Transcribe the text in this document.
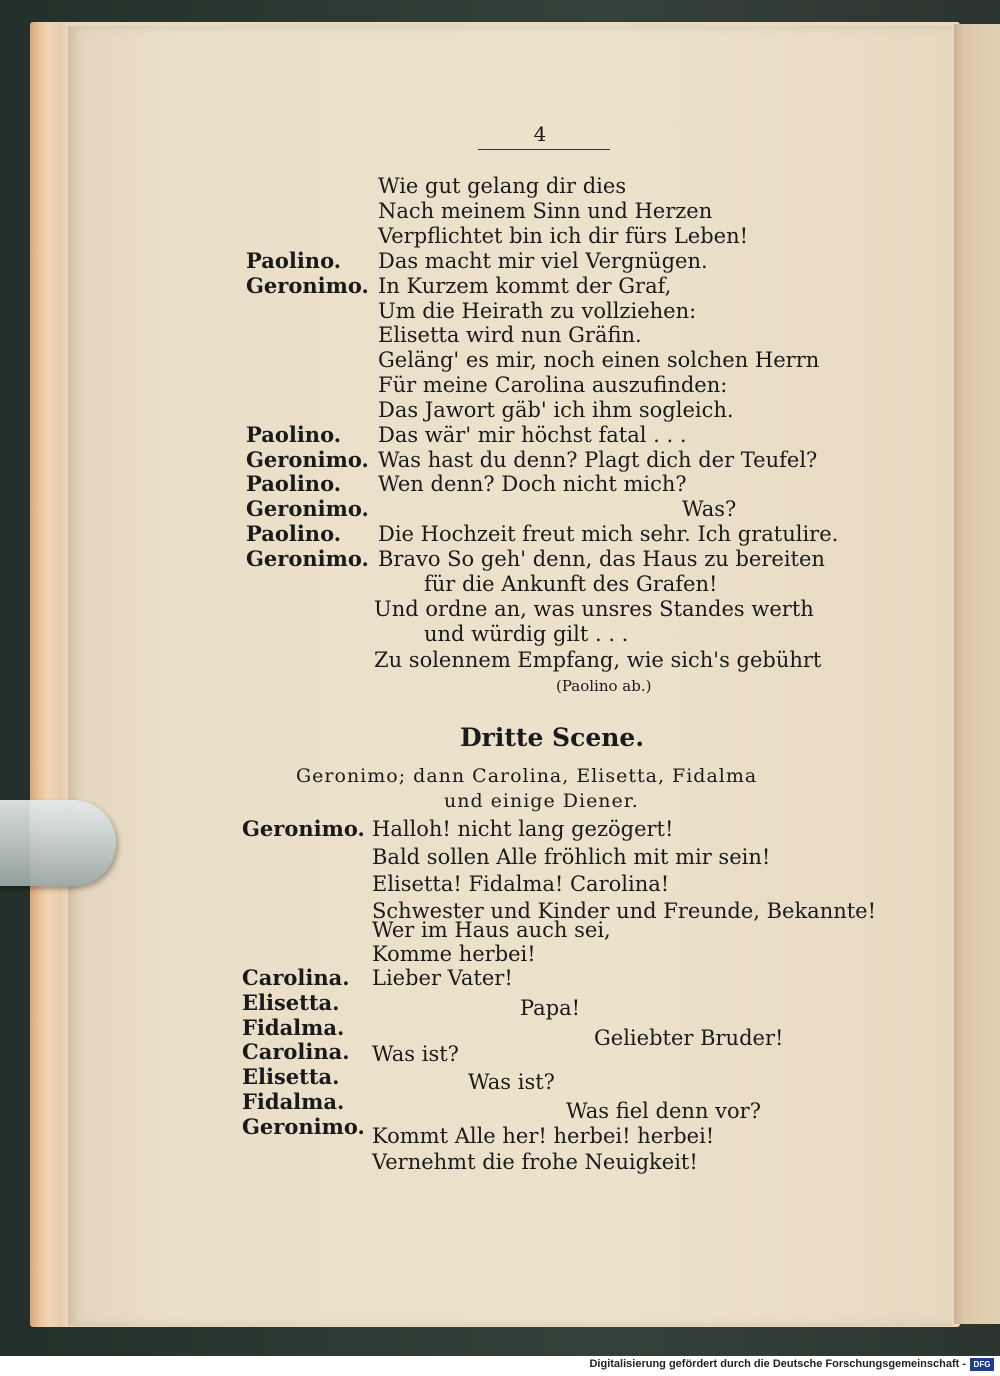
4
Wie gut gelang dir dies
Nach meinem Sinn und Herzen
Verpflichtet bin ich dir fürs Leben!
Paolino. Das macht mir viel Vergnügen.
Geronimo. In Kurzem kommt der Graf,
Um die Heirath zu vollziehen:
Elisetta wird nun Gräfin.
Geläng' es mir, noch einen solchen Herrn
Für meine Carolina auszufinden:
Das Jawort gäb' ich ihm sogleich.
Paolino. Das wär' mir höchst fatal . . .
Geronimo. Was hast du denn? Plagt dich der Teufel?
Paolino. Wen denn? Doch nicht mich?
Geronimo.	Was?
Paolino. Die Hochzeit freut mich sehr. Ich gratulire.
Geronimo. Bravo So geh' denn, das Haus zu bereiten
für die Ankunft des Grafen!
Und ordne an, was unsres Standes werth
und würdig gilt . . .
Zu solennem Empfang, wie sich's gebührt
(Paolino ab.)
Dritte Scene.
Geronimo; dann Carolina, Elisetta, Fidalma
und einige Diener.
Geronimo. Halloh! nicht lang gezögert!
Bald sollen Alle fröhlich mit mir sein!
Elisetta! Fidalma! Carolina!
Schwester und Kinder und Freunde, Bekannte!
Wer im Haus auch sei,
Komme herbei!
Carolina. Lieber Vater!
Elisetta.	Papa!
Fidalma.	Geliebter Bruder!
Carolina. Was ist?
Elisetta.	Was ist?
Fidalma.	Was fiel denn vor?
Geronimo. Kommt Alle her! herbei! herbei!
Vernehmt die frohe Neuigkeit!
Digitalisierung gefördert durch die Deutsche Forschungsgemeinschaft - DFG
